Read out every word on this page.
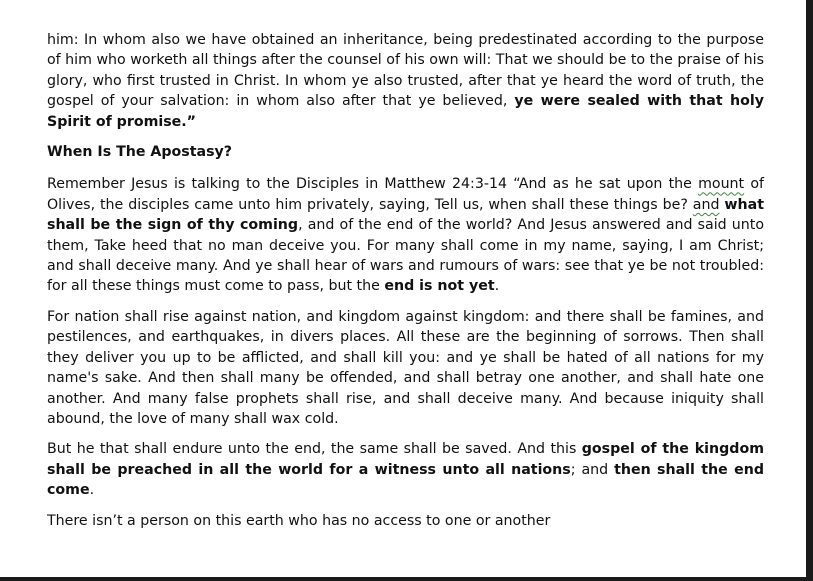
him: In whom also we have obtained an inheritance, being predestinated according to the purpose of him who worketh all things after the counsel of his own will: That we should be to the praise of his glory, who first trusted in Christ. In whom ye also trusted, after that ye heard the word of truth, the gospel of your salvation: in whom also after that ye believed, ye were sealed with that holy Spirit of promise.”

When Is The Apostasy?

Remember Jesus is talking to the Disciples in Matthew 24:3-14 “And as he sat upon the mount of Olives, the disciples came unto him privately, saying, Tell us, when shall these things be? and what shall be the sign of thy coming, and of the end of the world? And Jesus answered and said unto them, Take heed that no man deceive you. For many shall come in my name, saying, I am Christ; and shall deceive many. And ye shall hear of wars and rumours of wars: see that ye be not troubled: for all these things must come to pass, but the end is not yet.

For nation shall rise against nation, and kingdom against kingdom: and there shall be famines, and pestilences, and earthquakes, in divers places. All these are the beginning of sorrows. Then shall they deliver you up to be afflicted, and shall kill you: and ye shall be hated of all nations for my name's sake. And then shall many be offended, and shall betray one another, and shall hate one another. And many false prophets shall rise, and shall deceive many. And because iniquity shall abound, the love of many shall wax cold.

But he that shall endure unto the end, the same shall be saved. And this gospel of the kingdom shall be preached in all the world for a witness unto all nations; and then shall the end come.

There isn’t a person on this earth who has no access to one or another
